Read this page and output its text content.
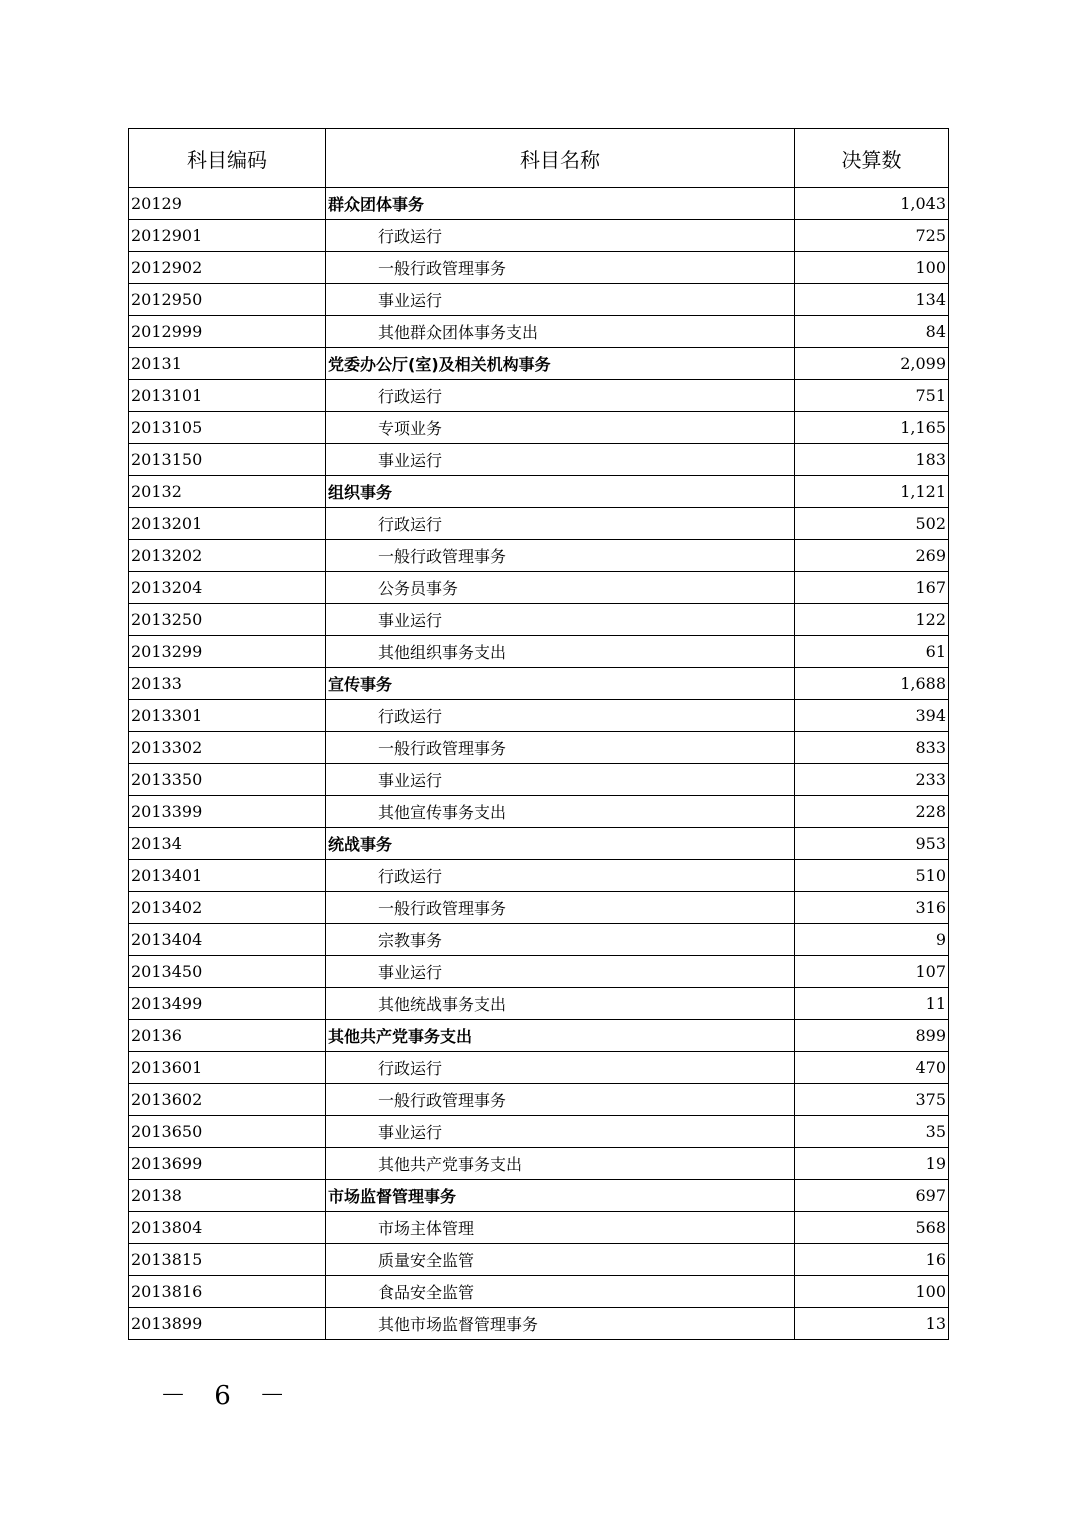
科目编码	科目名称	决算数
20129	群众团体事务	1,043
2012901	行政运行	725
2012902	一般行政管理事务	100
2012950	事业运行	134
2012999	其他群众团体事务支出	84
20131	党委办公厅(室)及相关机构事务	2,099
2013101	行政运行	751
2013105	专项业务	1,165
2013150	事业运行	183
20132	组织事务	1,121
2013201	行政运行	502
2013202	一般行政管理事务	269
2013204	公务员事务	167
2013250	事业运行	122
2013299	其他组织事务支出	61
20133	宣传事务	1,688
2013301	行政运行	394
2013302	一般行政管理事务	833
2013350	事业运行	233
2013399	其他宣传事务支出	228
20134	统战事务	953
2013401	行政运行	510
2013402	一般行政管理事务	316
2013404	宗教事务	9
2013450	事业运行	107
2013499	其他统战事务支出	11
20136	其他共产党事务支出	899
2013601	行政运行	470
2013602	一般行政管理事务	375
2013650	事业运行	35
2013699	其他共产党事务支出	19
20138	市场监督管理事务	697
2013804	市场主体管理	568
2013815	质量安全监管	16
2013816	食品安全监管	100
2013899	其他市场监督管理事务	13
－ 6 －
